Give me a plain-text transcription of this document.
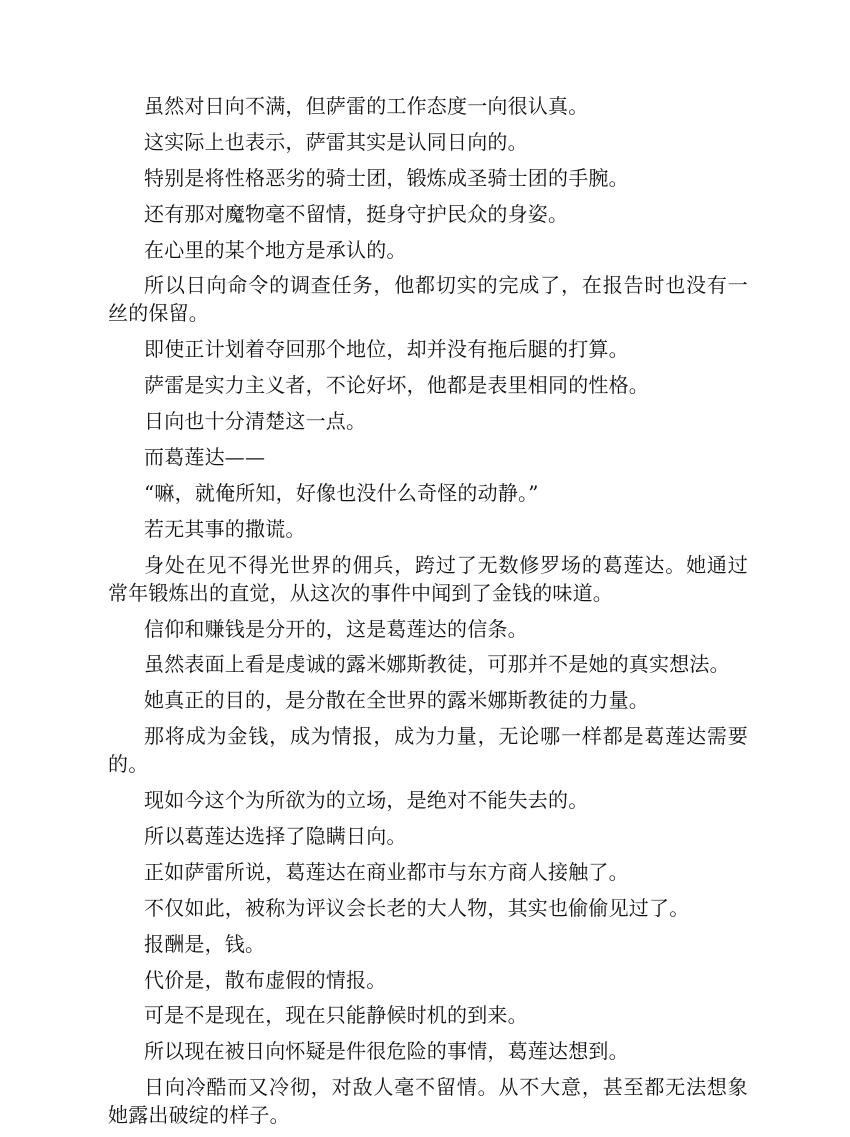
虽然对日向不满，但萨雷的工作态度一向很认真。

这实际上也表示，萨雷其实是认同日向的。

特别是将性格恶劣的骑士团，锻炼成圣骑士团的手腕。

还有那对魔物毫不留情，挺身守护民众的身姿。

在心里的某个地方是承认的。

所以日向命令的调查任务，他都切实的完成了，在报告时也没有一丝的保留。

即使正计划着夺回那个地位，却并没有拖后腿的打算。

萨雷是实力主义者，不论好坏，他都是表里相同的性格。

日向也十分清楚这一点。

而葛莲达——

“嘛，就俺所知，好像也没什么奇怪的动静。”

若无其事的撒谎。

身处在见不得光世界的佣兵，跨过了无数修罗场的葛莲达。她通过常年锻炼出的直觉，从这次的事件中闻到了金钱的味道。

信仰和赚钱是分开的，这是葛莲达的信条。

虽然表面上看是虔诚的露米娜斯教徒，可那并不是她的真实想法。

她真正的目的，是分散在全世界的露米娜斯教徒的力量。

那将成为金钱，成为情报，成为力量，无论哪一样都是葛莲达需要的。

现如今这个为所欲为的立场，是绝对不能失去的。

所以葛莲达选择了隐瞒日向。

正如萨雷所说，葛莲达在商业都市与东方商人接触了。

不仅如此，被称为评议会长老的大人物，其实也偷偷见过了。

报酬是，钱。

代价是，散布虚假的情报。

可是不是现在，现在只能静候时机的到来。

所以现在被日向怀疑是件很危险的事情，葛莲达想到。

日向冷酷而又冷彻，对敌人毫不留情。从不大意，甚至都无法想象她露出破绽的样子。
